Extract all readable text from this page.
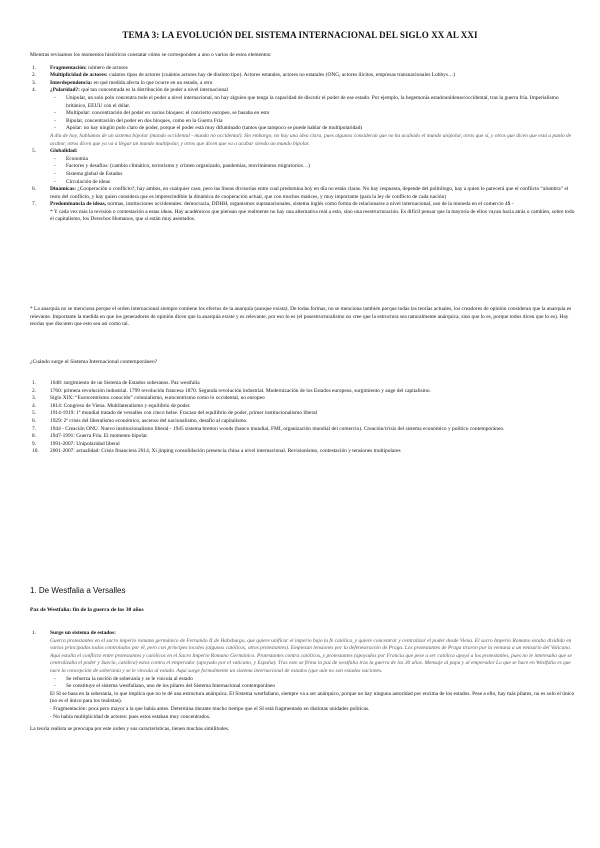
TEMA 3: LA EVOLUCIÓN DEL SISTEMA INTERNACIONAL DEL SIGLO XX AL XXI
Mientras revisamos los momentos históricos constatar cómo se corresponden a uno o varios de estos elementos:
1.	Fragmentación: número de actores
2.	Multiplicidad de actores: cuántos tipos de actores (cuántos actores hay de distinto tipo). Actores estatales, actores no estatales (ONG, actores ilícitos, empresas transnacionales Lobbys…)
3.	Interdependencia: en qué medida afecta lo que ocurre en un estado, a otro
4.	¿Polaridad?: qué tan concentrada es la distribución de poder a nivel internacional
- Unipolar, un solo polo concentra todo el poder a nivel internacional, no hay alguien que tenga la capacidad de discutir el poder de ese estado. Por ejemplo, la hegemonía estadounidense/occidental, tras la guerra fría. Imperialismo británico, EEUU con el dólar.
- Multipolar: concentración del poder en varios bloques: el concierto europeo, se basaba en esto
- Bipolar, concentración del poder en dos bloques, como en la Guerra Fría
- Apolar: no hay ningún polo claro de poder, porque el poder está muy difuminado (tantos que tampoco se puede hablar de multipolaridad)
A día de hoy, hablamos de un sistema bipolar (mundo occidental - mundo no occidental). Sin embargo, no hay una idea clara, pues algunos consideran que no ha acabado el mundo unipolar, otros que sí, y otros que dicen que está a punto de acabar, otros dicen que ya va a llegar un mundo multipolar, y otros que dicen que va a acabar siendo un mundo bipolar.
5.	Globalidad:
- Economía
- Factores y desafíos: (cambio climático, terrorismo y crimen organizado, pandemias, movimientos migratorios…)
- Sistema global de Estados
- Circulación de ideas
6.	Dinámicas: ¿Cooperación o conflicto?; hay ambos, en cualquier caso, pero las líneas divisorias entre cual predomina hoy en día no están claras. No hay respuesta, depende del politólogo, hay a quien le parecerá que el conflicto “alumbra” el resto del conflicto, y hay quien considera que es imprescindible la dinámica de cooperación actual, que con muchos matices, y muy importante (para la ley de conflicto de cada nación)
7.	Predominancia de ideas, normas, instituciones occidentales: democracia, DDHH, organismos supranacionales, sistema inglés como forma de relacionarse a nivel internacional, uso de la moneda en el comercio 4$ -
* Y cada vez más la revisión o contestación a estas ideas. Hay académicos que piensan que realmente no hay una alternativa real a esto, sino una reestructuración. Es difícil pensar que la mayoría de ellos vayan hacia atrás o cambien, sobre todo el capitalismo, los Derechos Humanos, que sí están muy asentados.
* La anarquía no se menciona porque el orden internacional siempre contiene los efectos de la anarquía (aunque exista). De todas formas, no se menciona también porque todas las teorías actuales, los creadores de opinión consideran que la anarquía es relevante. Importante la medida en que los generadores de opinión dicen que la anarquía existe y es relevante, por eso lo es (el posestructuralismo no cree que la estructura sea naturalmente anárquica, sino que lo es, porque todos dicen que lo es). Hay teorías que discuten que esto sea así como tal.
¿Cuándo surge el Sistema Internacional contemporáneo?
1.	1648: surgimiento de un Sistema de Estados soberanos. Paz westfalia
2.	1760: primera revolución industrial. 1799 revolución francesa 1870. Segunda revolución industrial. Modernización de los Estados europeos, surgimiento y auge del capitalismo.
3.	Siglo XIX: “Eurocentrismo conocido” colonialismo, eurocentrismo como lo occidental, no europeo
4.	1814: Congreso de Viena. Multilateralismo y equilibrio de poder.
5.	1914-1919: 1ª mundial tratado de versalles con cinco helse. Fracaso del equilibrio de poder, primer institucionalismo liberal
6.	1929: 2ª crisis del liberalismo económico, ascenso del nacionalismo, desafío al capitalismo.
7.	1944 - Creación ONU. Nuevo institucionalismo liberal - 1945 sistema bretton woods (banco mundial, FMI, organización mundial del comercio). Creación/crisis del sistema económico y político contemporáneo.
8.	1947-1991: Guerra Fría. El momento bipolar.
9.	1991-2007: Unipolaridad liberal
10. 2001-2007: actualidad: Crisis financiera 2014, Xi jinping consolidación presencia china a nivel internacional. Revisionismo, contestación y tensiones multipolares
1. De Westfalia a Versalles
Paz de Westfalia: fin de la guerra de los 30 años
1.	Surge un sistema de estados:
Guerra protestantes en el sacro imperio romano germánico de Fernando II de Habsburgo, que quiere unificar el imperio bajo la fe católica, y quiere concentrar y centralizar el poder desde Viena. El sacro Imperio Romano estaba dividido en varios principados todos controlados por él, pero con príncipes locales (algunos católicos, otros protestantes). Empiezan tensiones por la defenestración de Praga. Los protestantes de Praga tiraron por la ventana a un emisario del Vaticano. Aquí estalla el conflicto entre protestantes y católicos en el Sacro Imperio Romano Germánico. Protestantes contra católicos, y protestantes (apoyados por Francia que pese a ser católica apoyó a los protestantes, pues no le interesaba que se centralizaba el poder y Suecia, católica) estos contra el emperador (apoyado por el vaticano, y España). Tras esto se firma la paz de westfalia tras la guerra de los 30 años. Mensaje al papa y al emperador Lo que se hace en Westfalia es que nace la concepción de soberanía y se le vincula al estado. Aquí surge formalmente un sistema internacional de estados (que aún no son estados naciones.
- Se refuerza la noción de soberanía y se le vincula al estado
- Se constituye el sistema westfaliano, uno de los pilares del Sistema Internacional contemporáneo
El SI se basa en la soberanía, lo que implica que no le dé una estructura anárquica. El Sistema westfaliano, siempre va a ser anárquico, porque no hay ninguna autoridad por encima de los estados. Pese a ello, hay más pilares, no es solo el único (no es el único para los realistas).
· Fragmentación: poca pero mayor a la que había antes. Determina durante mucho tiempo que el SI está fragmentado en distintas unidades políticas.
· No había multiplicidad de actores: pues estos estaban muy concentrados.
La teoría realista se preocupa por este orden y sus características, tienen muchas similitudes.
